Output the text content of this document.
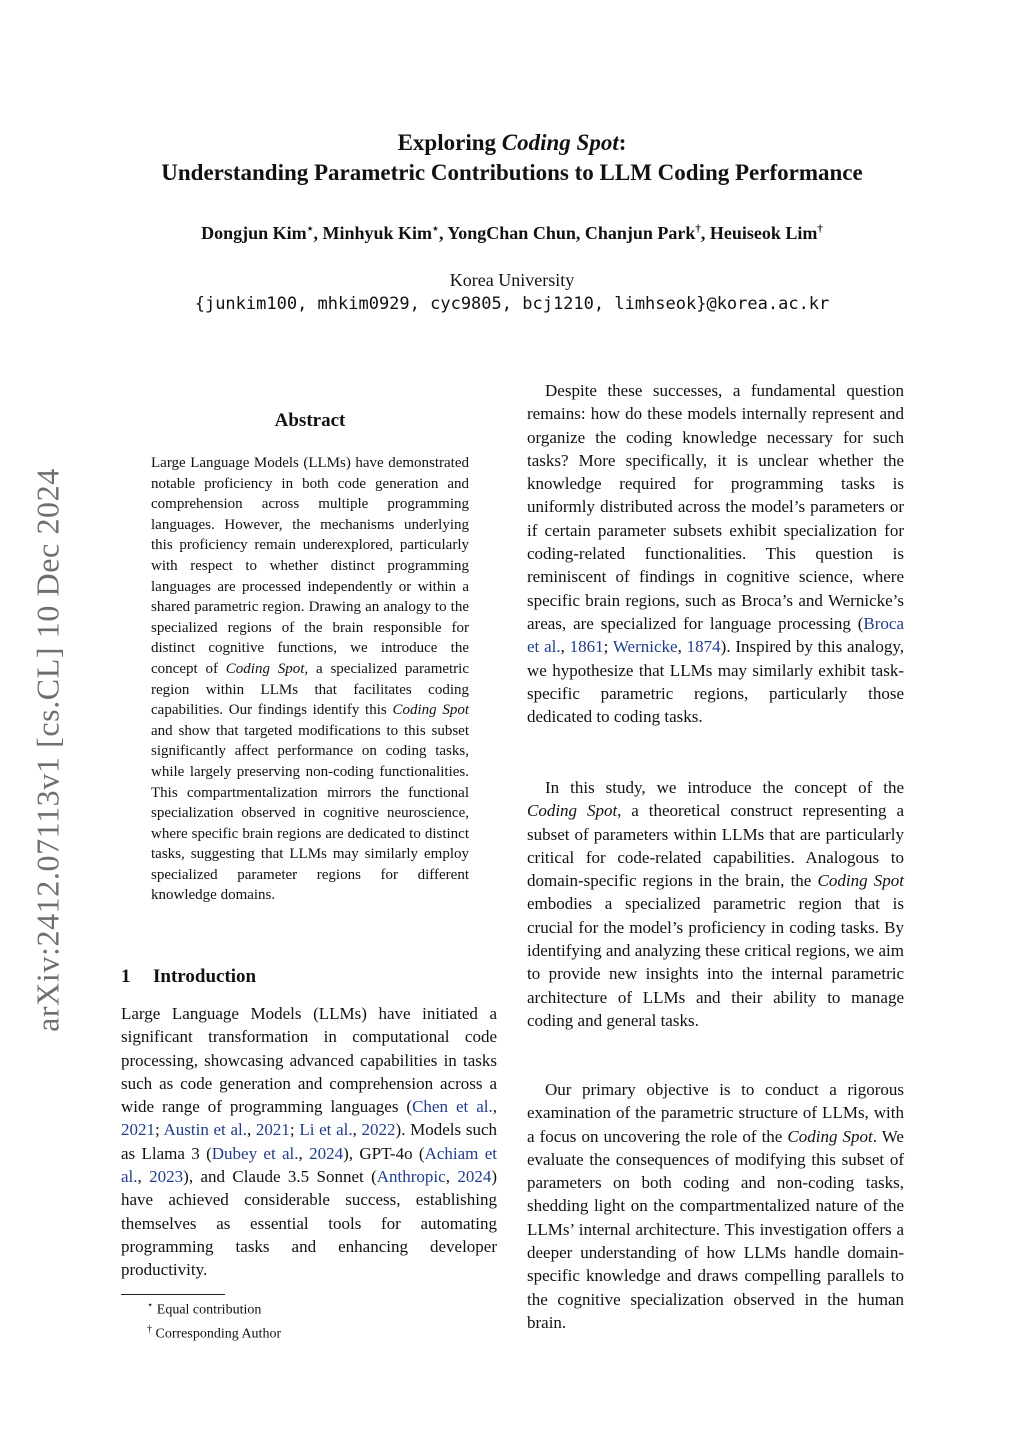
Exploring Coding Spot:
Understanding Parametric Contributions to LLM Coding Performance
Dongjun Kim⋆, Minhyuk Kim⋆, YongChan Chun, Chanjun Park†, Heuiseok Lim†
Korea University
{junkim100, mhkim0929, cyc9805, bcj1210, limhseok}@korea.ac.kr
arXiv:2412.07113v1 [cs.CL] 10 Dec 2024
Abstract

Large Language Models (LLMs) have demonstrated notable proficiency in both code generation and comprehension across multiple programming languages. However, the mechanisms underlying this proficiency remain underexplored, particularly with respect to whether distinct programming languages are processed independently or within a shared parametric region. Drawing an analogy to the specialized regions of the brain responsible for distinct cognitive functions, we introduce the concept of Coding Spot, a specialized parametric region within LLMs that facilitates coding capabilities. Our findings identify this Coding Spot and show that targeted modifications to this subset significantly affect performance on coding tasks, while largely preserving non-coding functionalities. This compartmentalization mirrors the functional specialization observed in cognitive neuroscience, where specific brain regions are dedicated to distinct tasks, suggesting that LLMs may similarly employ specialized parameter regions for different knowledge domains.

1 Introduction

Large Language Models (LLMs) have initiated a significant transformation in computational code processing, showcasing advanced capabilities in tasks such as code generation and comprehension across a wide range of programming languages (Chen et al., 2021; Austin et al., 2021; Li et al., 2022). Models such as Llama 3 (Dubey et al., 2024), GPT-4o (Achiam et al., 2023), and Claude 3.5 Sonnet (Anthropic, 2024) have achieved considerable success, establishing themselves as essential tools for automating programming tasks and enhancing developer productivity.

Despite these successes, a fundamental question remains: how do these models internally represent and organize the coding knowledge necessary for such tasks? More specifically, it is unclear whether the knowledge required for programming tasks is uniformly distributed across the model’s parameters or if certain parameter subsets exhibit specialization for coding-related functionalities. This question is reminiscent of findings in cognitive science, where specific brain regions, such as Broca’s and Wernicke’s areas, are specialized for language processing (Broca et al., 1861; Wernicke, 1874). Inspired by this analogy, we hypothesize that LLMs may similarly exhibit task-specific parametric regions, particularly those dedicated to coding tasks.

In this study, we introduce the concept of the Coding Spot, a theoretical construct representing a subset of parameters within LLMs that are particularly critical for code-related capabilities. Analogous to domain-specific regions in the brain, the Coding Spot embodies a specialized parametric region that is crucial for the model’s proficiency in coding tasks. By identifying and analyzing these critical regions, we aim to provide new insights into the internal parametric architecture of LLMs and their ability to manage coding and general tasks.

Our primary objective is to conduct a rigorous examination of the parametric structure of LLMs, with a focus on uncovering the role of the Coding Spot. We evaluate the consequences of modifying this subset of parameters on both coding and non-coding tasks, shedding light on the compartmentalized nature of the LLMs’ internal architecture. This investigation offers a deeper understanding of how LLMs handle domain-specific knowledge and draws compelling parallels to the cognitive specialization observed in the human brain.

⋆ Equal contribution
† Corresponding Author
